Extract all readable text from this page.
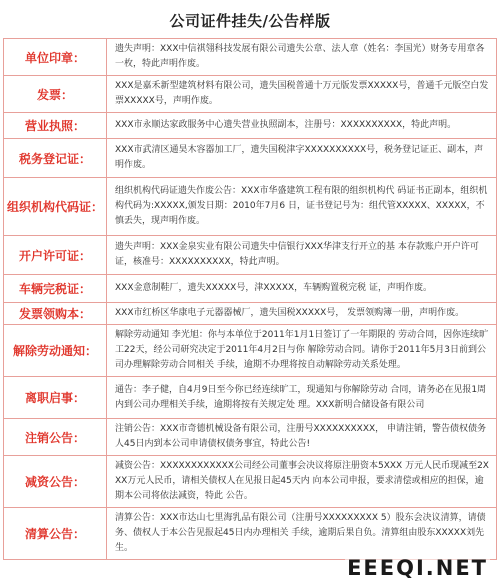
公司证件挂失/公告样版
单位印章：	遗失声明：XXX中信祺翎科技发展有限公司遗失公章、法人章（姓名：李国光）财务专用章各一枚，特此声明作废。
发票：	XXX是嘉禾新型建筑材料有限公司，遗失国税普通十万元版发票XXXXX号，普通千元版空白发票XXXXX号，声明作废。
营业执照：	XXX市永顺达家政服务中心遗失营业执照副本，注册号：XXXXXXXXXX，特此声明。
税务登记证：	XXX市武清区通昊木容器加工厂，遗失国税津字XXXXXXXXXX号，税务登记证正、副本，声明作废。
组织机构代码证：	组织机构代码证遗失作废公告：XXX市华盛建筑工程有限的组织机构代 码证书正副本，组织机构代码为:XXXXX,颁发日期：2010年7月6 日，证书登记号为：组代管XXXXX、XXXXX，不 慎丢失，现声明作废。
开户许可证：	遗失声明：XXX金泉实业有限公司遗失中信银行XXX华津支行开立的基 本存款账户开户许可证，核准号：XXXXXXXXXX，特此声明。
车辆完税证：	XXX金意制鞋厂，遗失XXXXX号，津XXXXX，车辆购置税完税 证，声明作废。
发票领购本：	XXX市红桥区华康电子元器器械厂，遗失国税XXXXX号， 发票领购簿一册，声明作废。
解除劳动通知：	解除劳动通知 李光旭：你与本单位于2011年1月1日签订了一年期限的 劳动合同，因你连续旷工22天，经公司研究决定于2011年4月2日与你 解除劳动合同。请你于2011年5月3日前到公司办理解除劳动合同相关 手续，逾期不办理将按自动解除劳动关系处理。
离职启事：	通告：李子健，自4月9日至今你已经连续旷工，现通知与你解除劳动 合同，请务必在见报1周内到公司办理相关手续，逾期将按有关规定处 理。XXX新明合储设备有限公司
注销公告：	注销公告：XXX市奇德机械设备有限公司，注册号XXXXXXXXXX， 申请注销，警告债权债务人45日内到本公司申请债权债务事宜，特此公告!
减资公告：	减资公告：XXXXXXXXXXXX公司经公司董事会决议将原注册资本5XXX 万元人民币现减至2XXX万元人民币，请相关债权人在见报日起45天内 向本公司申报，要求清偿或相应的担保，逾期本公司将依法减资，特此 公告。
清算公告：	清算公告：XXX市达山七里海乳品有限公司（注册号XXXXXXXXX 5）股东会决议清算，请债务、债权人于本公告见报起45日内办理相关 手续，逾期后果自负。清算组由股东XXXXX刘先生。
EEEQI.NET
